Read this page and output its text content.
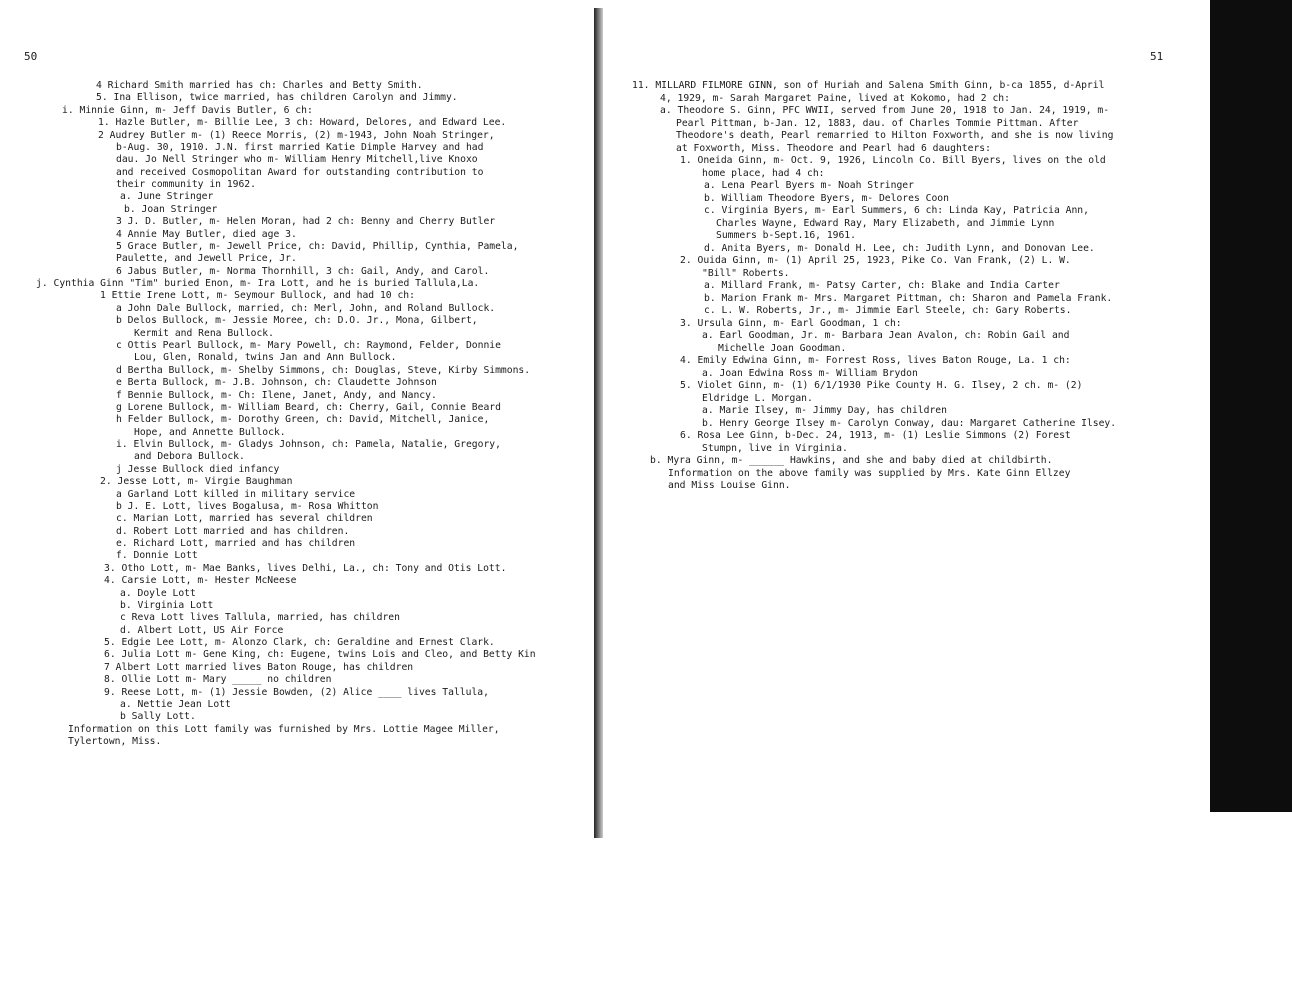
50
4 Richard Smith married has ch: Charles and Betty Smith.
5. Ina Ellison, twice married, has children Carolyn and Jimmy.
i. Minnie Ginn, m- Jeff Davis Butler, 6 ch:
1. Hazle Butler, m- Billie Lee, 3 ch: Howard, Delores, and Edward Lee.
2 Audrey Butler m- (1) Reece Morris, (2) m-1943, John Noah Stringer,
b-Aug. 30, 1910. J.N. first married Katie Dimple Harvey and had
dau. Jo Nell Stringer who m- William Henry Mitchell,live Knoxo
and received Cosmopolitan Award for outstanding contribution to
their community in 1962.
a. June Stringer
b. Joan Stringer
3 J. D. Butler, m- Helen Moran, had 2 ch: Benny and Cherry Butler
4 Annie May Butler, died age 3.
5 Grace Butler, m- Jewell Price, ch: David, Phillip, Cynthia, Pamela,
Paulette, and Jewell Price, Jr.
6 Jabus Butler, m- Norma Thornhill, 3 ch: Gail, Andy, and Carol.
j. Cynthia Ginn "Tim" buried Enon, m- Ira Lott, and he is buried Tallula,La.
1 Ettie Irene Lott, m- Seymour Bullock, and had 10 ch:
a John Dale Bullock, married, ch: Merl, John, and Roland Bullock.
b Delos Bullock, m- Jessie Moree, ch: D.O. Jr., Mona, Gilbert,
Kermit and Rena Bullock.
c Ottis Pearl Bullock, m- Mary Powell, ch: Raymond, Felder, Donnie
Lou, Glen, Ronald, twins Jan and Ann Bullock.
d Bertha Bullock, m- Shelby Simmons, ch: Douglas, Steve, Kirby Simmons.
e Berta Bullock, m- J.B. Johnson, ch: Claudette Johnson
f Bennie Bullock, m- Ch: Ilene, Janet, Andy, and Nancy.
g Lorene Bullock, m- William Beard, ch: Cherry, Gail, Connie Beard
h Felder Bullock, m- Dorothy Green, ch: David, Mitchell, Janice,
Hope, and Annette Bullock.
i. Elvin Bullock, m- Gladys Johnson, ch: Pamela, Natalie, Gregory,
and Debora Bullock.
j Jesse Bullock died infancy
2. Jesse Lott, m- Virgie Baughman
a Garland Lott killed in military service
b J. E. Lott, lives Bogalusa, m- Rosa Whitton
c. Marian Lott, married has several children
d. Robert Lott married and has children.
e. Richard Lott, married and has children
f. Donnie Lott
3. Otho Lott, m- Mae Banks, lives Delhi, La., ch: Tony and Otis Lott.
4. Carsie Lott, m- Hester McNeese
a. Doyle Lott
b. Virginia Lott
c Reva Lott lives Tallula, married, has children
d. Albert Lott, US Air Force
5. Edgie Lee Lott, m- Alonzo Clark, ch: Geraldine and Ernest Clark.
6. Julia Lott m- Gene King, ch: Eugene, twins Lois and Cleo, and Betty Kin
7 Albert Lott married lives Baton Rouge, has children
8. Ollie Lott m- Mary _____ no children
9. Reese Lott, m- (1) Jessie Bowden, (2) Alice ____ lives Tallula,
a. Nettie Jean Lott
b Sally Lott.
Information on this Lott family was furnished by Mrs. Lottie Magee Miller,
Tylertown, Miss.
51
11. MILLARD FILMORE GINN, son of Huriah and Salena Smith Ginn, b-ca 1855, d-April
4, 1929, m- Sarah Margaret Paine, lived at Kokomo, had 2 ch:
a. Theodore S. Ginn, PFC WWII, served from June 20, 1918 to Jan. 24, 1919, m-
Pearl Pittman, b-Jan. 12, 1883, dau. of Charles Tommie Pittman. After
Theodore's death, Pearl remarried to Hilton Foxworth, and she is now living
at Foxworth, Miss. Theodore and Pearl had 6 daughters:
1. Oneida Ginn, m- Oct. 9, 1926, Lincoln Co. Bill Byers, lives on the old
home place, had 4 ch:
a. Lena Pearl Byers m- Noah Stringer
b. William Theodore Byers, m- Delores Coon
c. Virginia Byers, m- Earl Summers, 6 ch: Linda Kay, Patricia Ann,
Charles Wayne, Edward Ray, Mary Elizabeth, and Jimmie Lynn
Summers b-Sept.16, 1961.
d. Anita Byers, m- Donald H. Lee, ch: Judith Lynn, and Donovan Lee.
2. Ouida Ginn, m- (1) April 25, 1923, Pike Co. Van Frank, (2) L. W.
"Bill" Roberts.
a. Millard Frank, m- Patsy Carter, ch: Blake and India Carter
b. Marion Frank m- Mrs. Margaret Pittman, ch: Sharon and Pamela Frank.
c. L. W. Roberts, Jr., m- Jimmie Earl Steele, ch: Gary Roberts.
3. Ursula Ginn, m- Earl Goodman, 1 ch:
a. Earl Goodman, Jr. m- Barbara Jean Avalon, ch: Robin Gail and
Michelle Joan Goodman.
4. Emily Edwina Ginn, m- Forrest Ross, lives Baton Rouge, La. 1 ch:
a. Joan Edwina Ross m- William Brydon
5. Violet Ginn, m- (1) 6/1/1930 Pike County H. G. Ilsey, 2 ch. m- (2)
Eldridge L. Morgan.
a. Marie Ilsey, m- Jimmy Day, has children
b. Henry George Ilsey m- Carolyn Conway, dau: Margaret Catherine Ilsey.
6. Rosa Lee Ginn, b-Dec. 24, 1913, m- (1) Leslie Simmons (2) Forest
Stumpn, live in Virginia.
b. Myra Ginn, m- ______ Hawkins, and she and baby died at childbirth.
Information on the above family was supplied by Mrs. Kate Ginn Ellzey
and Miss Louise Ginn.
